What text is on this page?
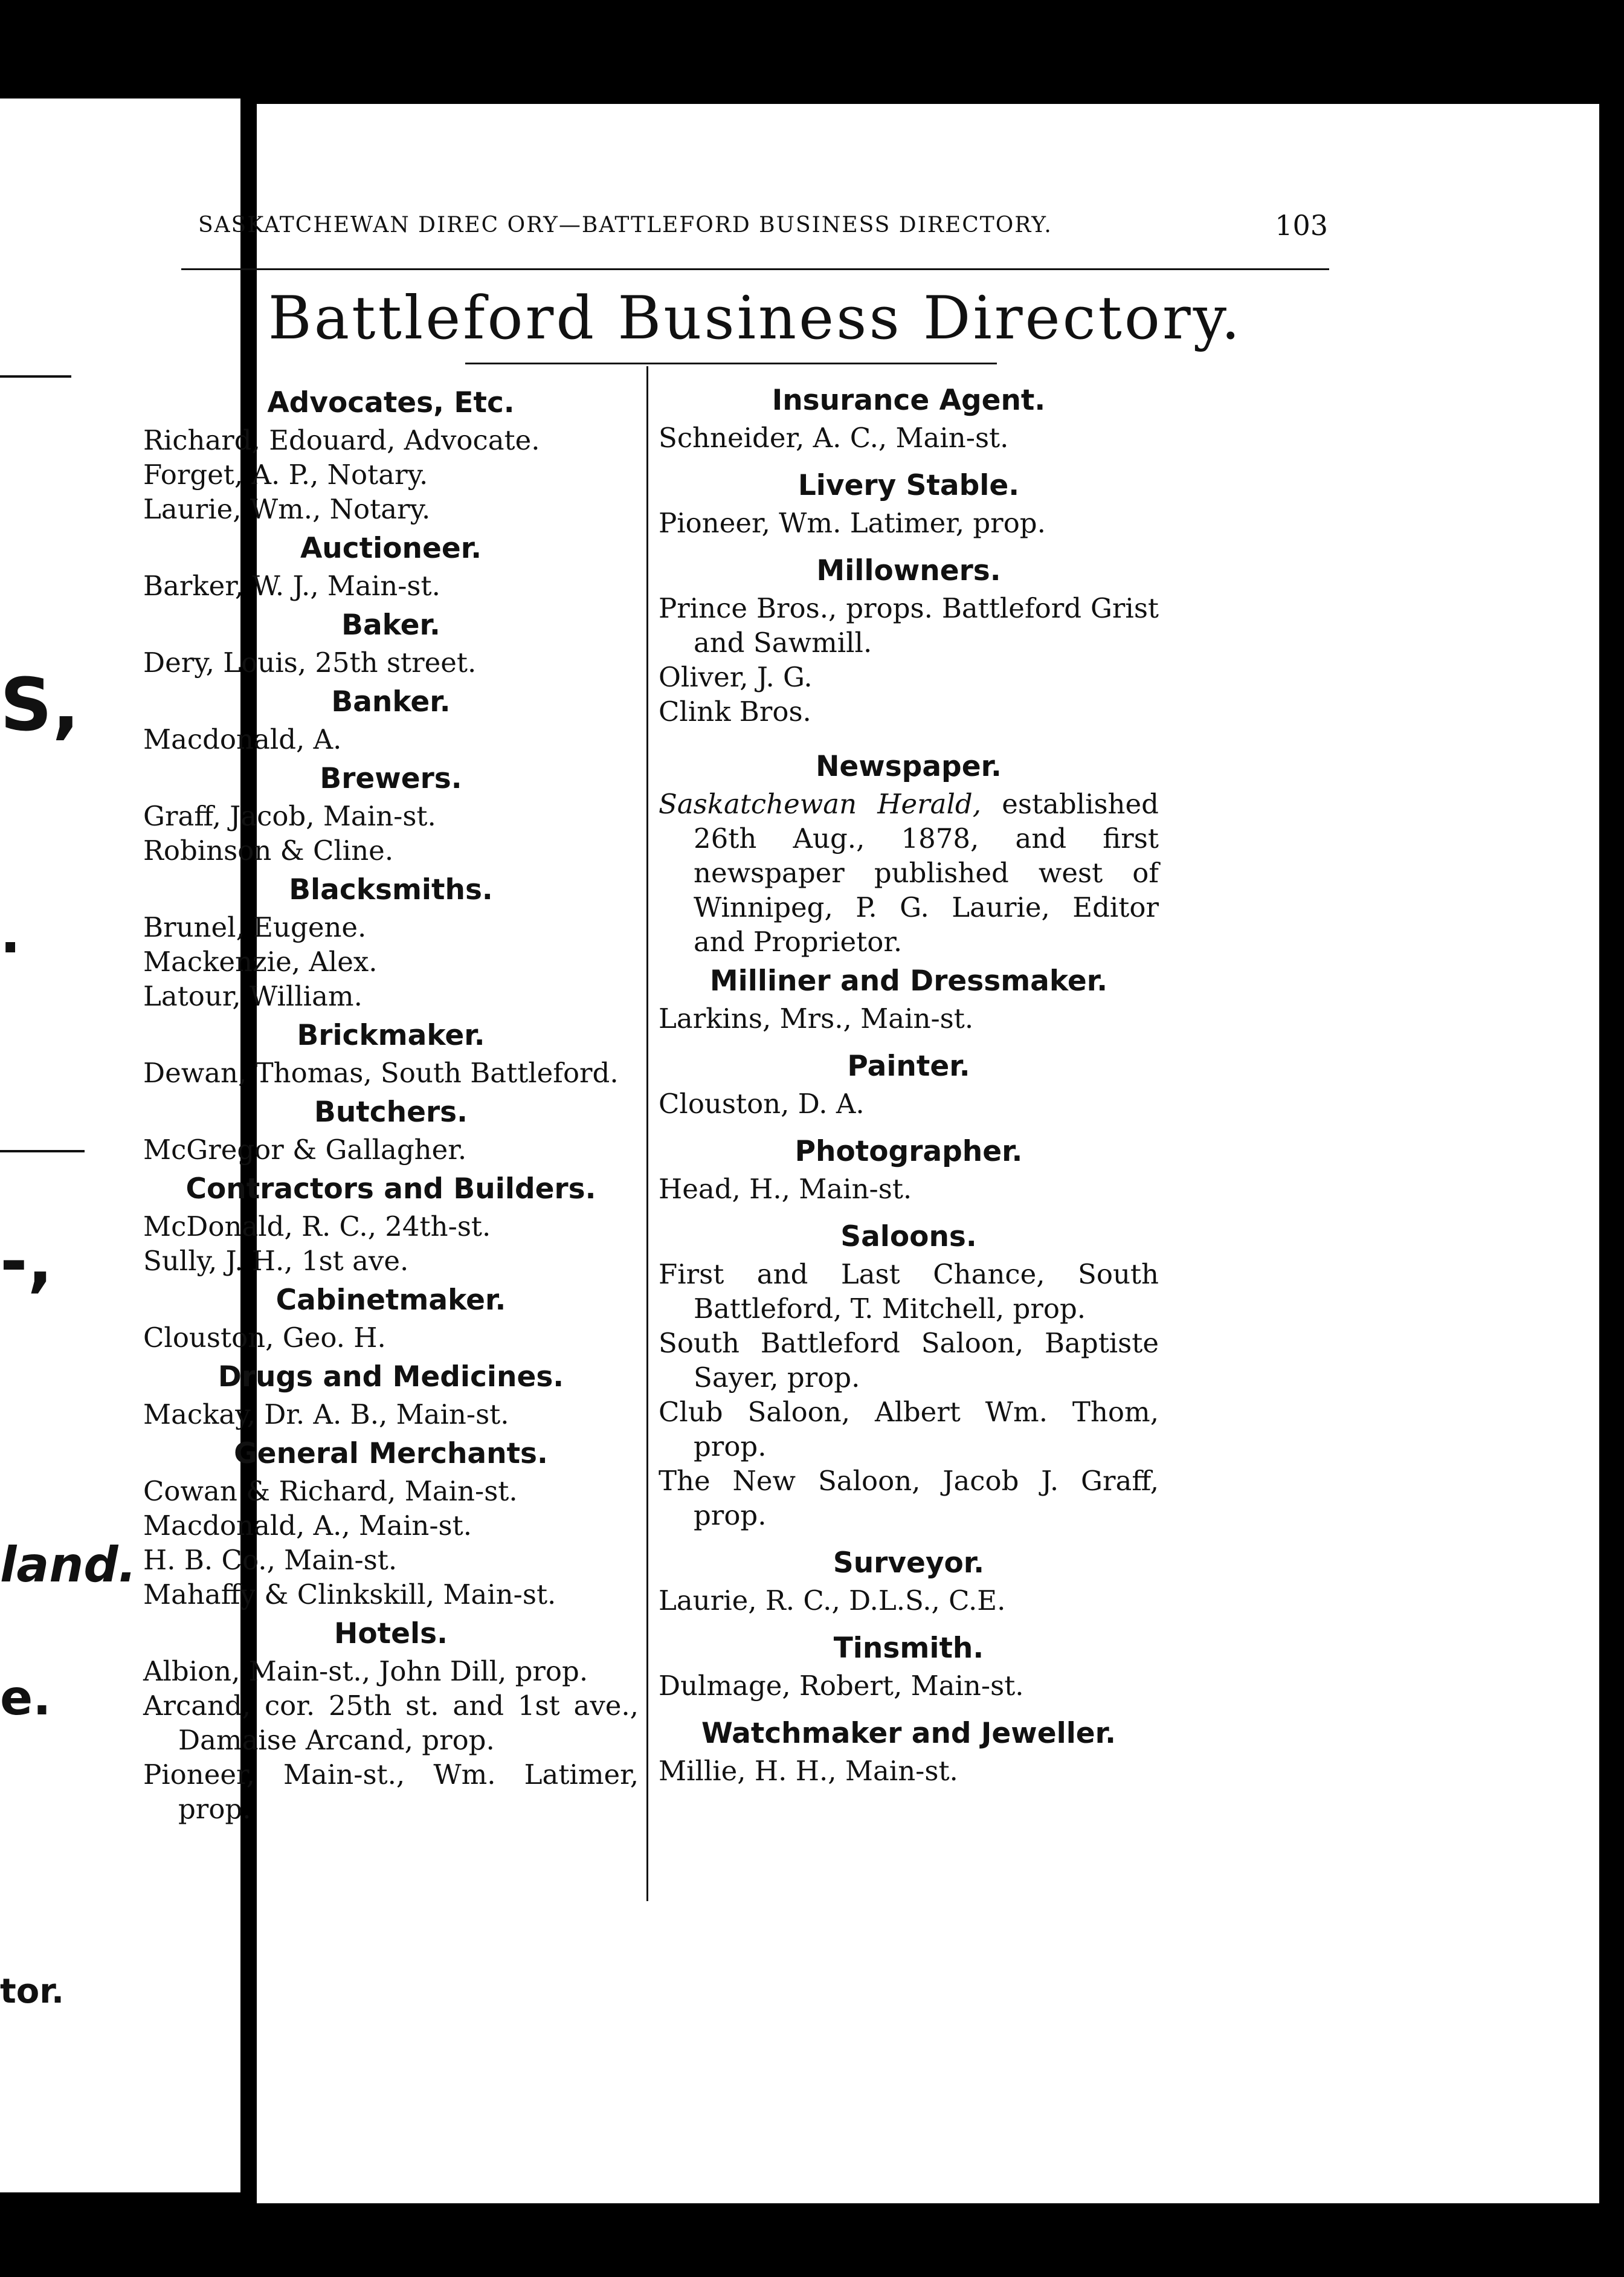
S,
.
-,
land.
e.
tor.
SASKATCHEWAN DIREC ORY—BATTLEFORD BUSINESS DIRECTORY.	103
Battleford Business Directory.
Advocates, Etc.

Richard, Edouard, Advocate.

Forget, A. P., Notary.

Laurie, Wm., Notary.

Auctioneer.

Barker, W. J., Main-st.

Baker.

Dery, Louis, 25th street.

Banker.

Macdonald, A.

Brewers.

Graff, Jacob, Main-st.

Robinson & Cline.

Blacksmiths.

Brunel, Eugene.

Mackenzie, Alex.

Latour, William.

Brickmaker.

Dewan, Thomas, South Battleford.

Butchers.

McGregor & Gallagher.

Contractors and Builders.

McDonald, R. C., 24th-st.

Sully, J. H., 1st ave.

Cabinetmaker.

Clouston, Geo. H.

Drugs and Medicines.

Mackay, Dr. A. B., Main-st.

General Merchants.

Cowan & Richard, Main-st.

Macdonald, A., Main-st.

H. B. Co., Main-st.

Mahaffy & Clinkskill, Main-st.

Hotels.

Albion, Main-st., John Dill, prop.

Arcand, cor. 25th st. and 1st ave., Damaise Arcand, prop.

Pioneer, Main-st., Wm. Latimer, prop.

Insurance Agent.

Schneider, A. C., Main-st.

Livery Stable.

Pioneer, Wm. Latimer, prop.

Millowners.

Prince Bros., props. Battleford Grist and Sawmill.

Oliver, J. G.

Clink Bros.

Newspaper.

Saskatchewan Herald, established 26th Aug., 1878, and first newspaper published west of Winnipeg, P. G. Laurie, Editor and Proprietor.

Milliner and Dressmaker.

Larkins, Mrs., Main-st.

Painter.

Clouston, D. A.

Photographer.

Head, H., Main-st.

Saloons.

First and Last Chance, South Battleford, T. Mitchell, prop.

South Battleford Saloon, Baptiste Sayer, prop.

Club Saloon, Albert Wm. Thom, prop.

The New Saloon, Jacob J. Graff, prop.

Surveyor.

Laurie, R. C., D.L.S., C.E.

Tinsmith.

Dulmage, Robert, Main-st.

Watchmaker and Jeweller.

Millie, H. H., Main-st.
